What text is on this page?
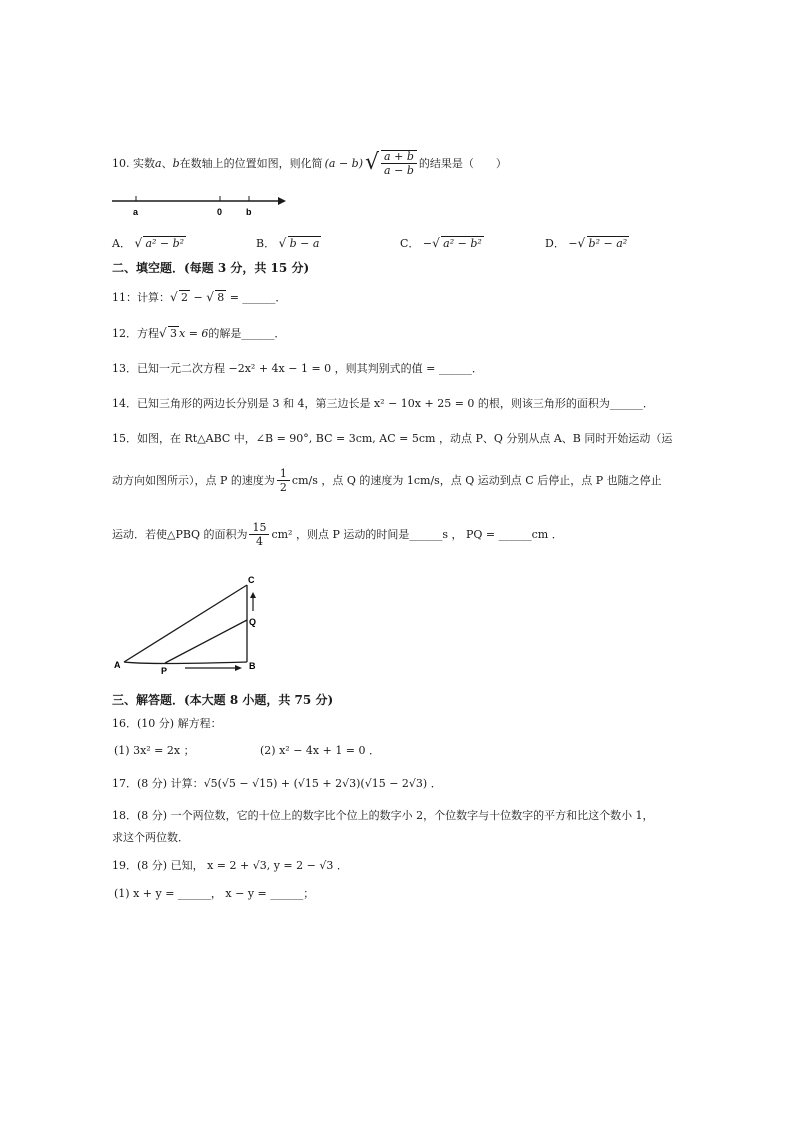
10.
实数 a 、 b 在数轴上的位置如图，则化简 (a − b) √ $\frac{a + b}{a - b}$ 的结果是（　　）
a	0	b
A． √ a² − b²	B． √ b − a	C． − √ a² − b²	D． − √ b² − a²
二、填空题．(每题 3 分，共 15 分)
11：计算： √ 2 − √ 8 = ______．
12．方程 √ 3 x = 6的解是______．
13．已知一元二次方程 −2x² + 4x − 1 = 0 ，则其判别式的值 = ______．
14．已知三角形的两边长分别是 3 和 4，第三边长是 x² − 10x + 25 = 0 的根，则该三角形的面积为______．
15．如图，在 Rt△ABC 中，∠B = 90°, BC = 3cm, AC = 5cm ，动点 P、Q 分别从点 A、B 同时开始运动（运
动方向如图所示），点 P 的速度为 $\frac{1}{2} cm/s$ ，点 Q 的速度为 1cm/s，点 Q 运动到点 C 后停止，点 P 也随之停止
运动．若使△PBQ 的面积为 $\frac{15}{4} cm^2$ ，则点 P 运动的时间是______s ， PQ = ______cm ．
A	B
C
P
Q
三、解答题．(本大题 8 小题，共 75 分)
16．(10 分) 解方程：
(1) 3x² = 2x ；	(2) x² − 4x + 1 = 0 ．
17．(8 分) 计算：√5(√5 − √15) + (√15 + 2√3)(√15 − 2√3) ．
18．(8 分) 一个两位数，它的十位上的数字比个位上的数字小 2，个位数字与十位数字的平方和比这个数小 1，
求这个两位数．
19．(8 分) 已知， x = 2 + √3, y = 2 − √3 ．
(1) x + y = ______， x − y = ______；
